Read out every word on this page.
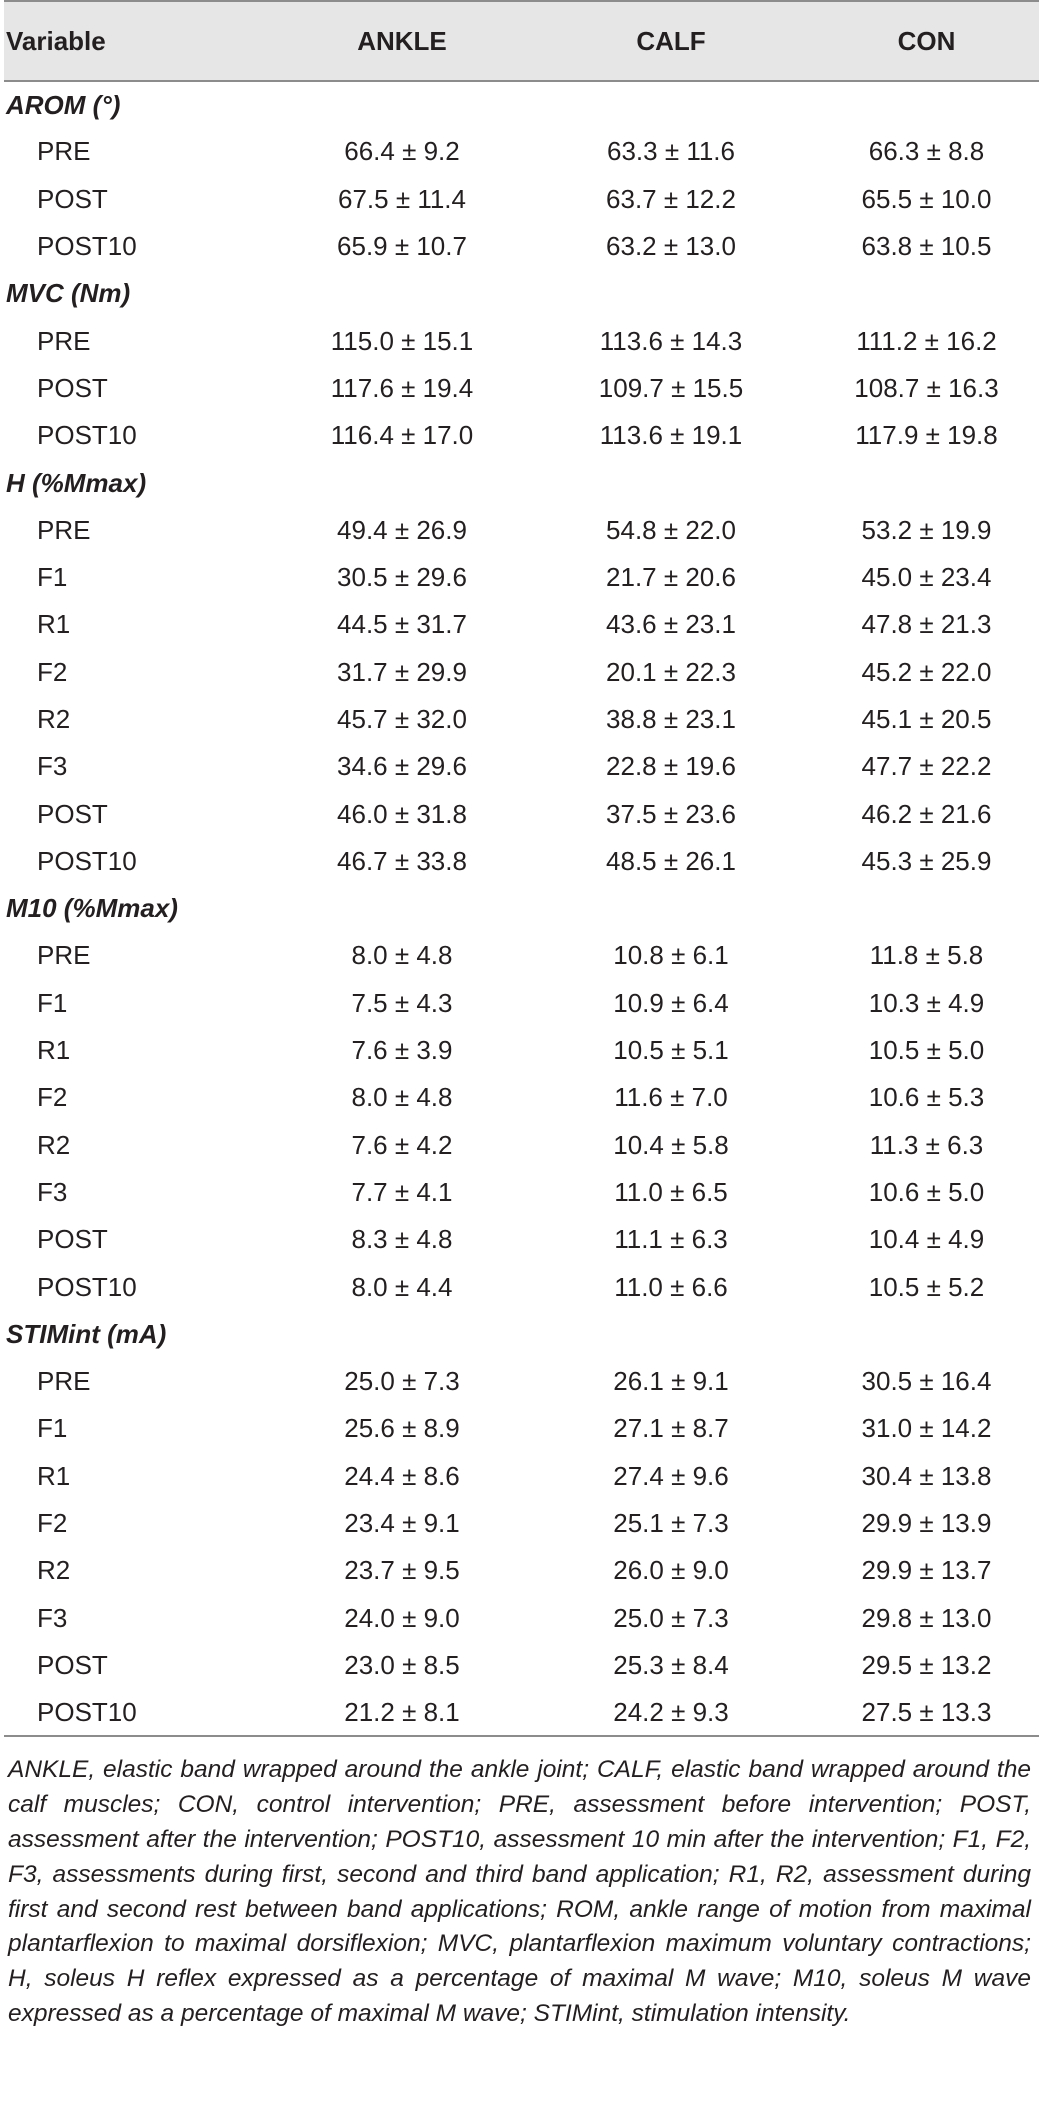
Variable	ANKLE	CALF	CON
AROM (°)			
PRE	66.4 ± 9.2	63.3 ± 11.6	66.3 ± 8.8
POST	67.5 ± 11.4	63.7 ± 12.2	65.5 ± 10.0
POST10	65.9 ± 10.7	63.2 ± 13.0	63.8 ± 10.5
MVC (Nm)			
PRE	115.0 ± 15.1	113.6 ± 14.3	111.2 ± 16.2
POST	117.6 ± 19.4	109.7 ± 15.5	108.7 ± 16.3
POST10	116.4 ± 17.0	113.6 ± 19.1	117.9 ± 19.8
H (%Mmax)			
PRE	49.4 ± 26.9	54.8 ± 22.0	53.2 ± 19.9
F1	30.5 ± 29.6	21.7 ± 20.6	45.0 ± 23.4
R1	44.5 ± 31.7	43.6 ± 23.1	47.8 ± 21.3
F2	31.7 ± 29.9	20.1 ± 22.3	45.2 ± 22.0
R2	45.7 ± 32.0	38.8 ± 23.1	45.1 ± 20.5
F3	34.6 ± 29.6	22.8 ± 19.6	47.7 ± 22.2
POST	46.0 ± 31.8	37.5 ± 23.6	46.2 ± 21.6
POST10	46.7 ± 33.8	48.5 ± 26.1	45.3 ± 25.9
M10 (%Mmax)			
PRE	8.0 ± 4.8	10.8 ± 6.1	11.8 ± 5.8
F1	7.5 ± 4.3	10.9 ± 6.4	10.3 ± 4.9
R1	7.6 ± 3.9	10.5 ± 5.1	10.5 ± 5.0
F2	8.0 ± 4.8	11.6 ± 7.0	10.6 ± 5.3
R2	7.6 ± 4.2	10.4 ± 5.8	11.3 ± 6.3
F3	7.7 ± 4.1	11.0 ± 6.5	10.6 ± 5.0
POST	8.3 ± 4.8	11.1 ± 6.3	10.4 ± 4.9
POST10	8.0 ± 4.4	11.0 ± 6.6	10.5 ± 5.2
STIMint (mA)			
PRE	25.0 ± 7.3	26.1 ± 9.1	30.5 ± 16.4
F1	25.6 ± 8.9	27.1 ± 8.7	31.0 ± 14.2
R1	24.4 ± 8.6	27.4 ± 9.6	30.4 ± 13.8
F2	23.4 ± 9.1	25.1 ± 7.3	29.9 ± 13.9
R2	23.7 ± 9.5	26.0 ± 9.0	29.9 ± 13.7
F3	24.0 ± 9.0	25.0 ± 7.3	29.8 ± 13.0
POST	23.0 ± 8.5	25.3 ± 8.4	29.5 ± 13.2
POST10	21.2 ± 8.1	24.2 ± 9.3	27.5 ± 13.3
ANKLE, elastic band wrapped around the ankle joint; CALF, elastic band wrapped around the calf muscles; CON, control intervention; PRE, assessment before intervention; POST, assessment after the intervention; POST10, assessment 10 min after the intervention; F1, F2, F3, assessments during first, second and third band application; R1, R2, assessment during first and second rest between band applications; ROM, ankle range of motion from maximal plantarflexion to maximal dorsiflexion; MVC, plantarflexion maximum voluntary contractions; H, soleus H reflex expressed as a percentage of maximal M wave; M10, soleus M wave expressed as a percentage of maximal M wave; STIMint, stimulation intensity.
